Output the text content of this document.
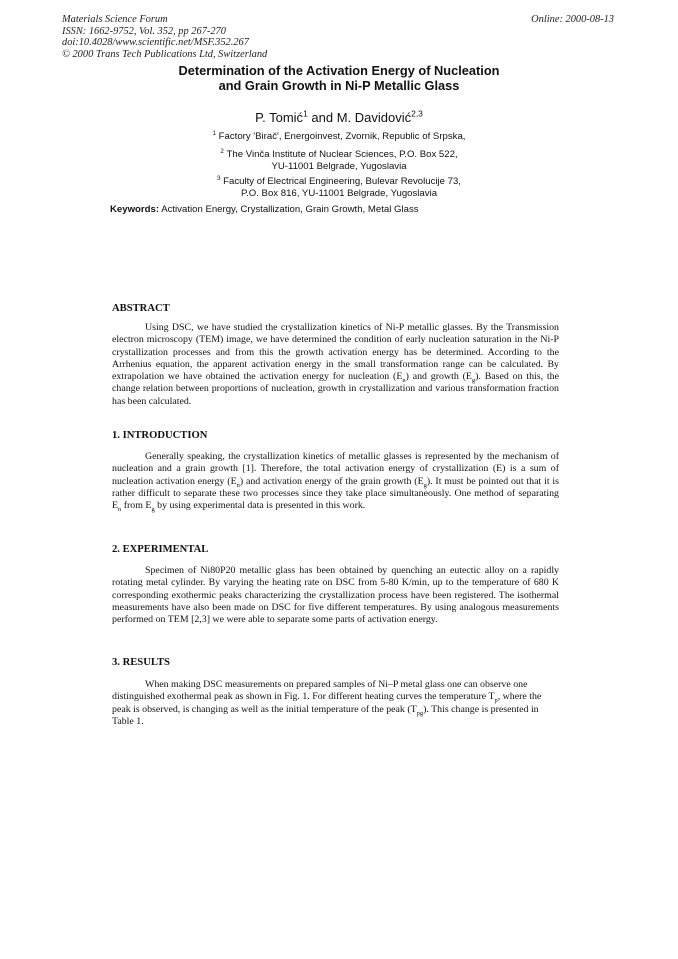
Materials Science Forum
ISSN: 1662-9752, Vol. 352, pp 267-270
doi:10.4028/www.scientific.net/MSF.352.267
© 2000 Trans Tech Publications Ltd, Switzerland
Online: 2000-08-13
Determination of the Activation Energy of Nucleation
and Grain Growth in Ni-P Metallic Glass
P. Tomić$^1$ and M. Davidović$^{2,3}$
$^1$ Factory 'Birač', Energoinvest, Zvornik, Republic of Srpska,
$^2$ The Vinča Institute of Nuclear Sciences, P.O. Box 522,
YU-11001 Belgrade, Yugoslavia
$^3$ Faculty of Electrical Engineering, Bulevar Revolucije 73,
P.O. Box 816, YU-11001 Belgrade, Yugoslavia
Keywords: Activation Energy, Crystallization, Grain Growth, Metal Glass
ABSTRACT
Using DSC, we have studied the crystallization kinetics of Ni-P metallic glasses. By the Transmission electron microscopy (TEM) image, we have determined the condition of early nucleation saturation in the Ni-P crystallization processes and from this the growth activation energy has be determined. According to the Arrhenius equation, the apparent activation energy in the small transformation range can be calculated. By extrapolation we have obtained the activation energy for nucleation $(E_n)$ and growth $(E_g)$. Based on this, the change relation between proportions of nucleation, growth in crystallization and various transformation fraction has been calculated.
1. INTRODUCTION
Generally speaking, the crystallization kinetics of metallic glasses is represented by the mechanism of nucleation and a grain growth [1]. Therefore, the total activation energy of crystallization (E) is a sum of nucleation activation energy $(E_n)$ and activation energy of the grain growth $(E_g)$. It must be pointed out that it is rather difficult to separate these two processes since they take place simultaneously. One method of separating $E_n$ from $E_g$ by using experimental data is presented in this work.
2. EXPERIMENTAL
Specimen of Ni80P20 metallic glass has been obtained by quenching an eutectic alloy on a rapidly rotating metal cylinder. By varying the heating rate on DSC from 5-80 K/min, up to the temperature of 680 K corresponding exothermic peaks characterizing the crystallization process have been registered. The isothermal measurements have also been made on DSC for five different temperatures. By using analogous measurements performed on TEM [2,3] we were able to separate some parts of activation energy.
3. RESULTS
When making DSC measurements on prepared samples of Ni–P metal glass one can observe one distinguished exothermal peak as shown in Fig. 1. For different heating curves the temperature $T_p$, where the peak is observed, is changing as well as the initial temperature of the peak $(T_{pg})$. This change is presented in Table 1.
